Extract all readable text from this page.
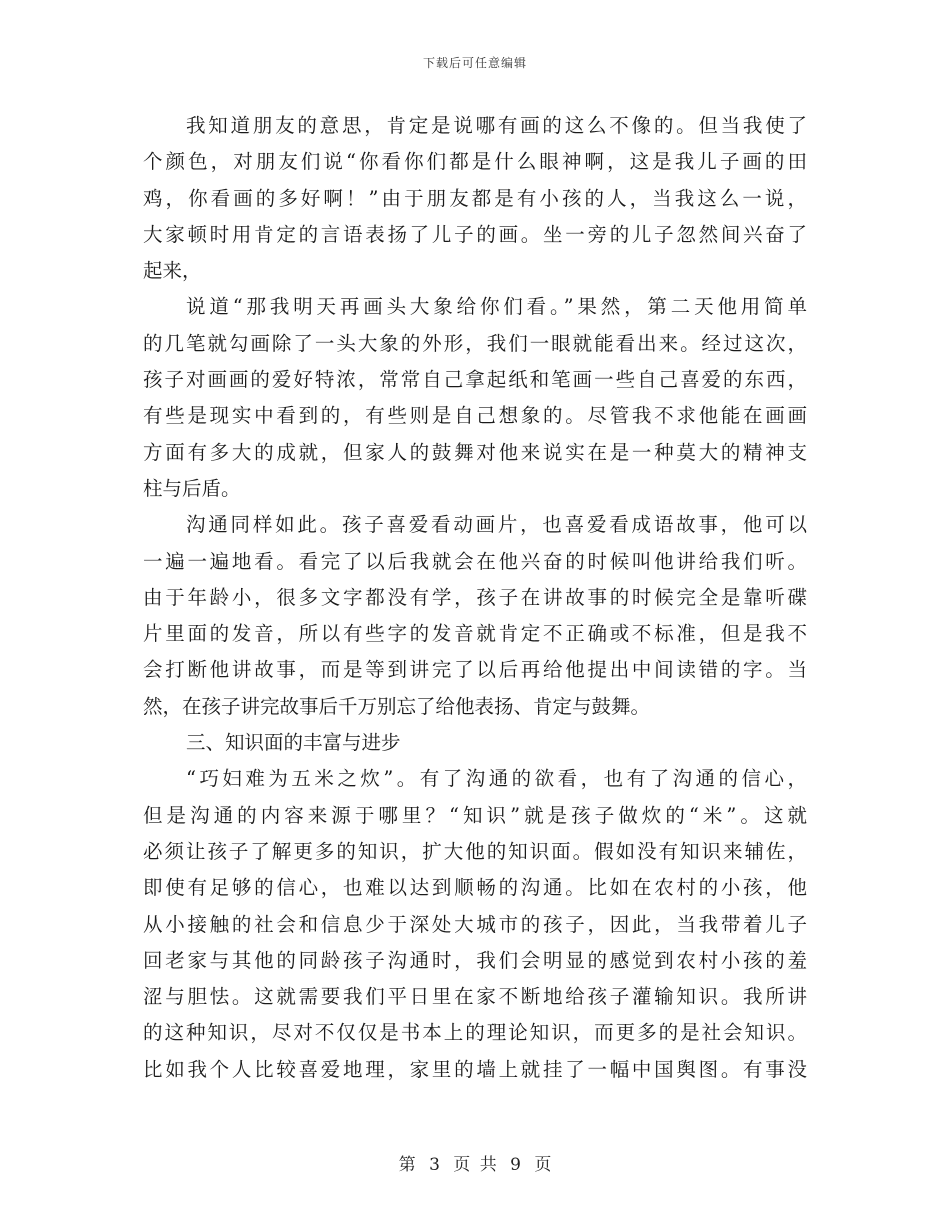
下载后可任意编辑
我知道朋友的意思，肯定是说哪有画的这么不像的。但当我使了
个颜色，对朋友们说“你看你们都是什么眼神啊，这是我儿子画的田
鸡，你看画的多好啊！”由于朋友都是有小孩的人，当我这么一说，
大家顿时用肯定的言语表扬了儿子的画。坐一旁的儿子忽然间兴奋了
起来，
说道“那我明天再画头大象给你们看。”果然，第二天他用简单
的几笔就勾画除了一头大象的外形，我们一眼就能看出来。经过这次，
孩子对画画的爱好特浓，常常自己拿起纸和笔画一些自己喜爱的东西，
有些是现实中看到的，有些则是自己想象的。尽管我不求他能在画画
方面有多大的成就，但家人的鼓舞对他来说实在是一种莫大的精神支
柱与后盾。
沟通同样如此。孩子喜爱看动画片，也喜爱看成语故事，他可以
一遍一遍地看。看完了以后我就会在他兴奋的时候叫他讲给我们听。
由于年龄小，很多文字都没有学，孩子在讲故事的时候完全是靠听碟
片里面的发音，所以有些字的发音就肯定不正确或不标准，但是我不
会打断他讲故事，而是等到讲完了以后再给他提出中间读错的字。当
然，在孩子讲完故事后千万别忘了给他表扬、肯定与鼓舞。
三、知识面的丰富与进步
“巧妇难为五米之炊”。有了沟通的欲看，也有了沟通的信心，
但是沟通的内容来源于哪里？“知识”就是孩子做炊的“米”。这就
必须让孩子了解更多的知识，扩大他的知识面。假如没有知识来辅佐，
即使有足够的信心，也难以达到顺畅的沟通。比如在农村的小孩，他
从小接触的社会和信息少于深处大城市的孩子，因此，当我带着儿子
回老家与其他的同龄孩子沟通时，我们会明显的感觉到农村小孩的羞
涩与胆怯。这就需要我们平日里在家不断地给孩子灌输知识。我所讲
的这种知识，尽对不仅仅是书本上的理论知识，而更多的是社会知识。
比如我个人比较喜爱地理，家里的墙上就挂了一幅中国舆图。有事没
第 3 页 共 9 页
